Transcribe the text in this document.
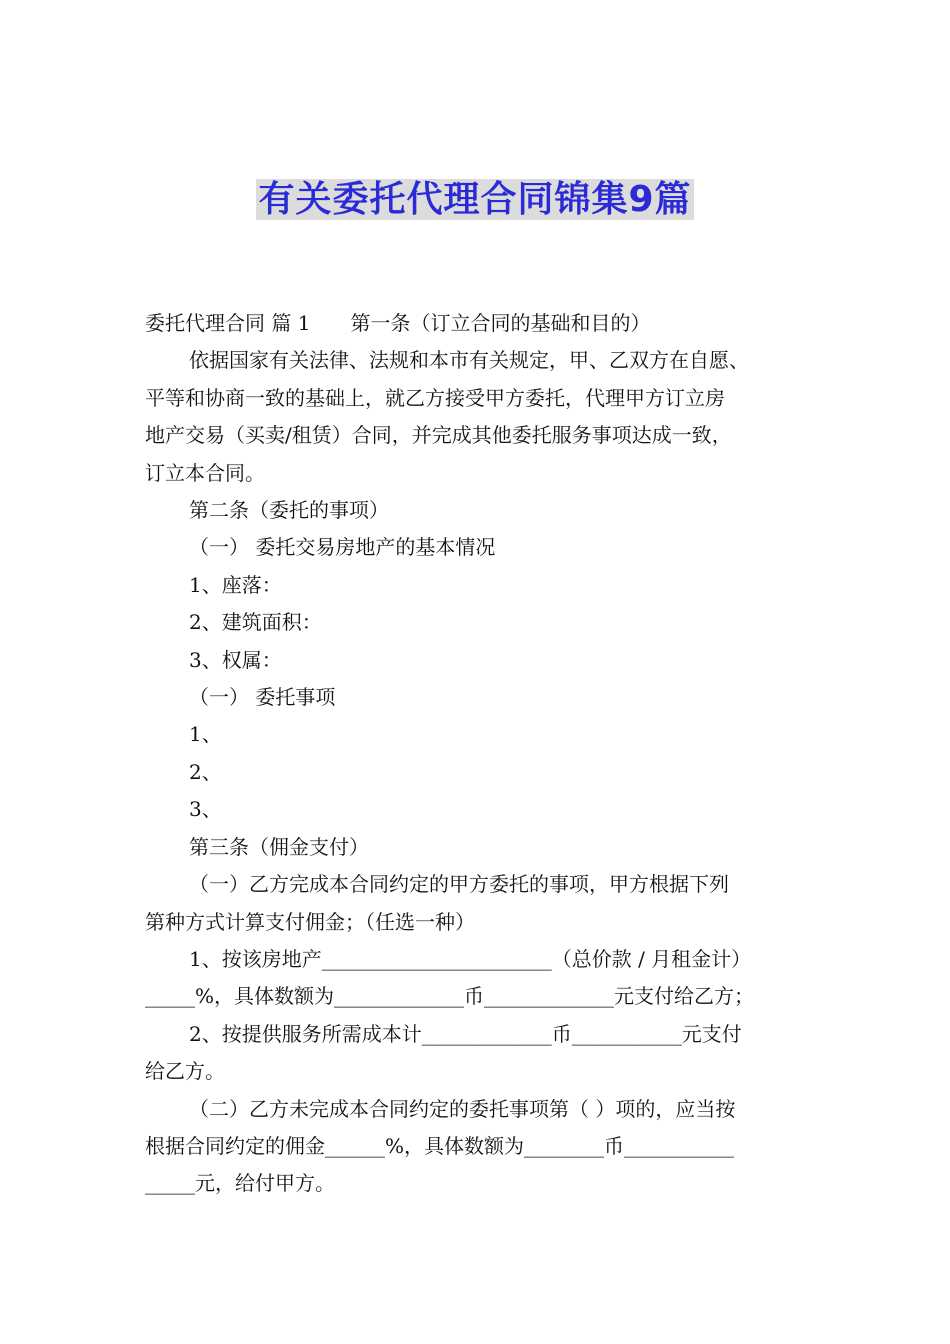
有关委托代理合同锦集9篇

委托代理合同 篇 1 第一条（订立合同的基础和目的）

依据国家有关法律、法规和本市有关规定，甲、乙双方在自愿、

平等和协商一致的基础上，就乙方接受甲方委托，代理甲方订立房

地产交易（买卖/租赁）合同，并完成其他委托服务事项达成一致，

订立本合同。

第二条（委托的事项）

（一） 委托交易房地产的基本情况

1、座落：

2、建筑面积：

3、权属：

（一） 委托事项

1、

2、

3、

第三条（佣金支付）

（一）乙方完成本合同约定的甲方委托的事项，甲方根据下列

第种方式计算支付佣金；（任选一种）

1、按该房地产_______________________（总价款 / 月租金计）

_____%，具体数额为_____________币_____________元支付给乙方；

2、按提供服务所需成本计_____________币___________元支付

给乙方。

（二）乙方未完成本合同约定的委托事项第（ ）项的，应当按

根据合同约定的佣金______%，具体数额为________币___________

_____元，给付甲方。
